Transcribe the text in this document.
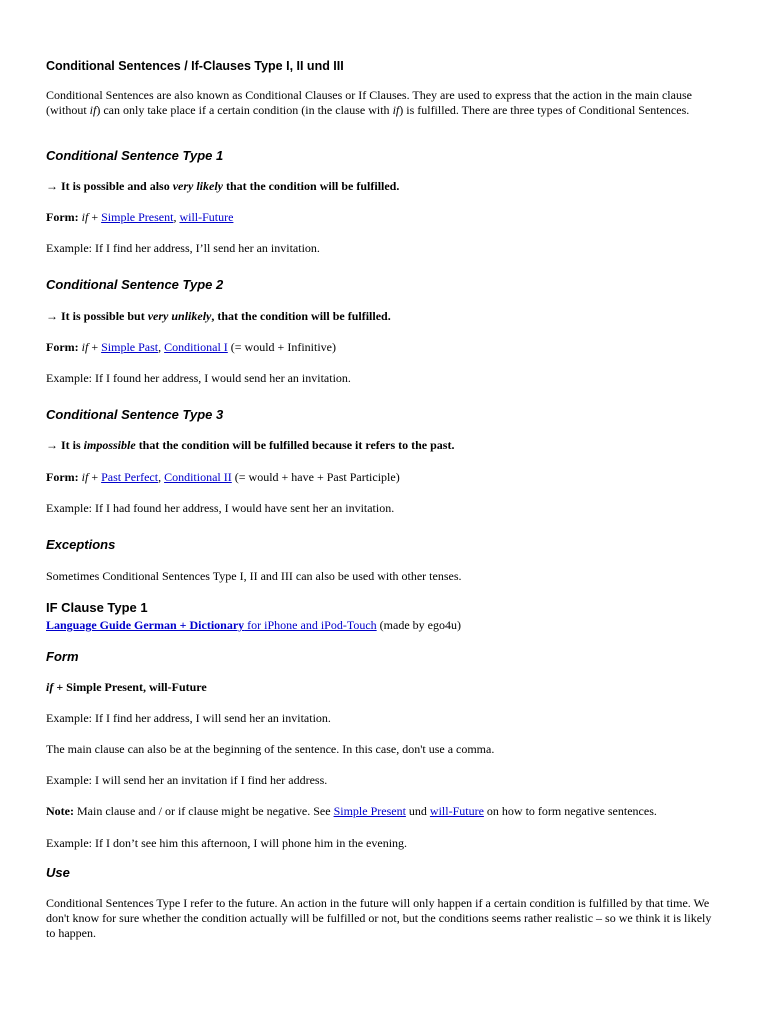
Conditional Sentences / If-Clauses Type I, II und III

Conditional Sentences are also known as Conditional Clauses or If Clauses. They are used to express that the action in the main clause (without if) can only take place if a certain condition (in the clause with if) is fulfilled. There are three types of Conditional Sentences.

Conditional Sentence Type 1

→ It is possible and also very likely that the condition will be fulfilled.

Form: if + Simple Present, will-Future

Example: If I find her address, I’ll send her an invitation.

Conditional Sentence Type 2

→ It is possible but very unlikely, that the condition will be fulfilled.

Form: if + Simple Past, Conditional I (= would + Infinitive)

Example: If I found her address, I would send her an invitation.

Conditional Sentence Type 3

→ It is impossible that the condition will be fulfilled because it refers to the past.

Form: if + Past Perfect, Conditional II (= would + have + Past Participle)

Example: If I had found her address, I would have sent her an invitation.

Exceptions

Sometimes Conditional Sentences Type I, II and III can also be used with other tenses.

IF Clause Type 1

Language Guide German + Dictionary for iPhone and iPod-Touch (made by ego4u)

Form

if + Simple Present, will-Future

Example: If I find her address, I will send her an invitation.

The main clause can also be at the beginning of the sentence. In this case, don't use a comma.

Example: I will send her an invitation if I find her address.

Note: Main clause and / or if clause might be negative. See Simple Present und will-Future on how to form negative sentences.

Example: If I don’t see him this afternoon, I will phone him in the evening.

Use

Conditional Sentences Type I refer to the future. An action in the future will only happen if a certain condition is fulfilled by that time. We don't know for sure whether the condition actually will be fulfilled or not, but the conditions seems rather realistic – so we think it is likely to happen.
